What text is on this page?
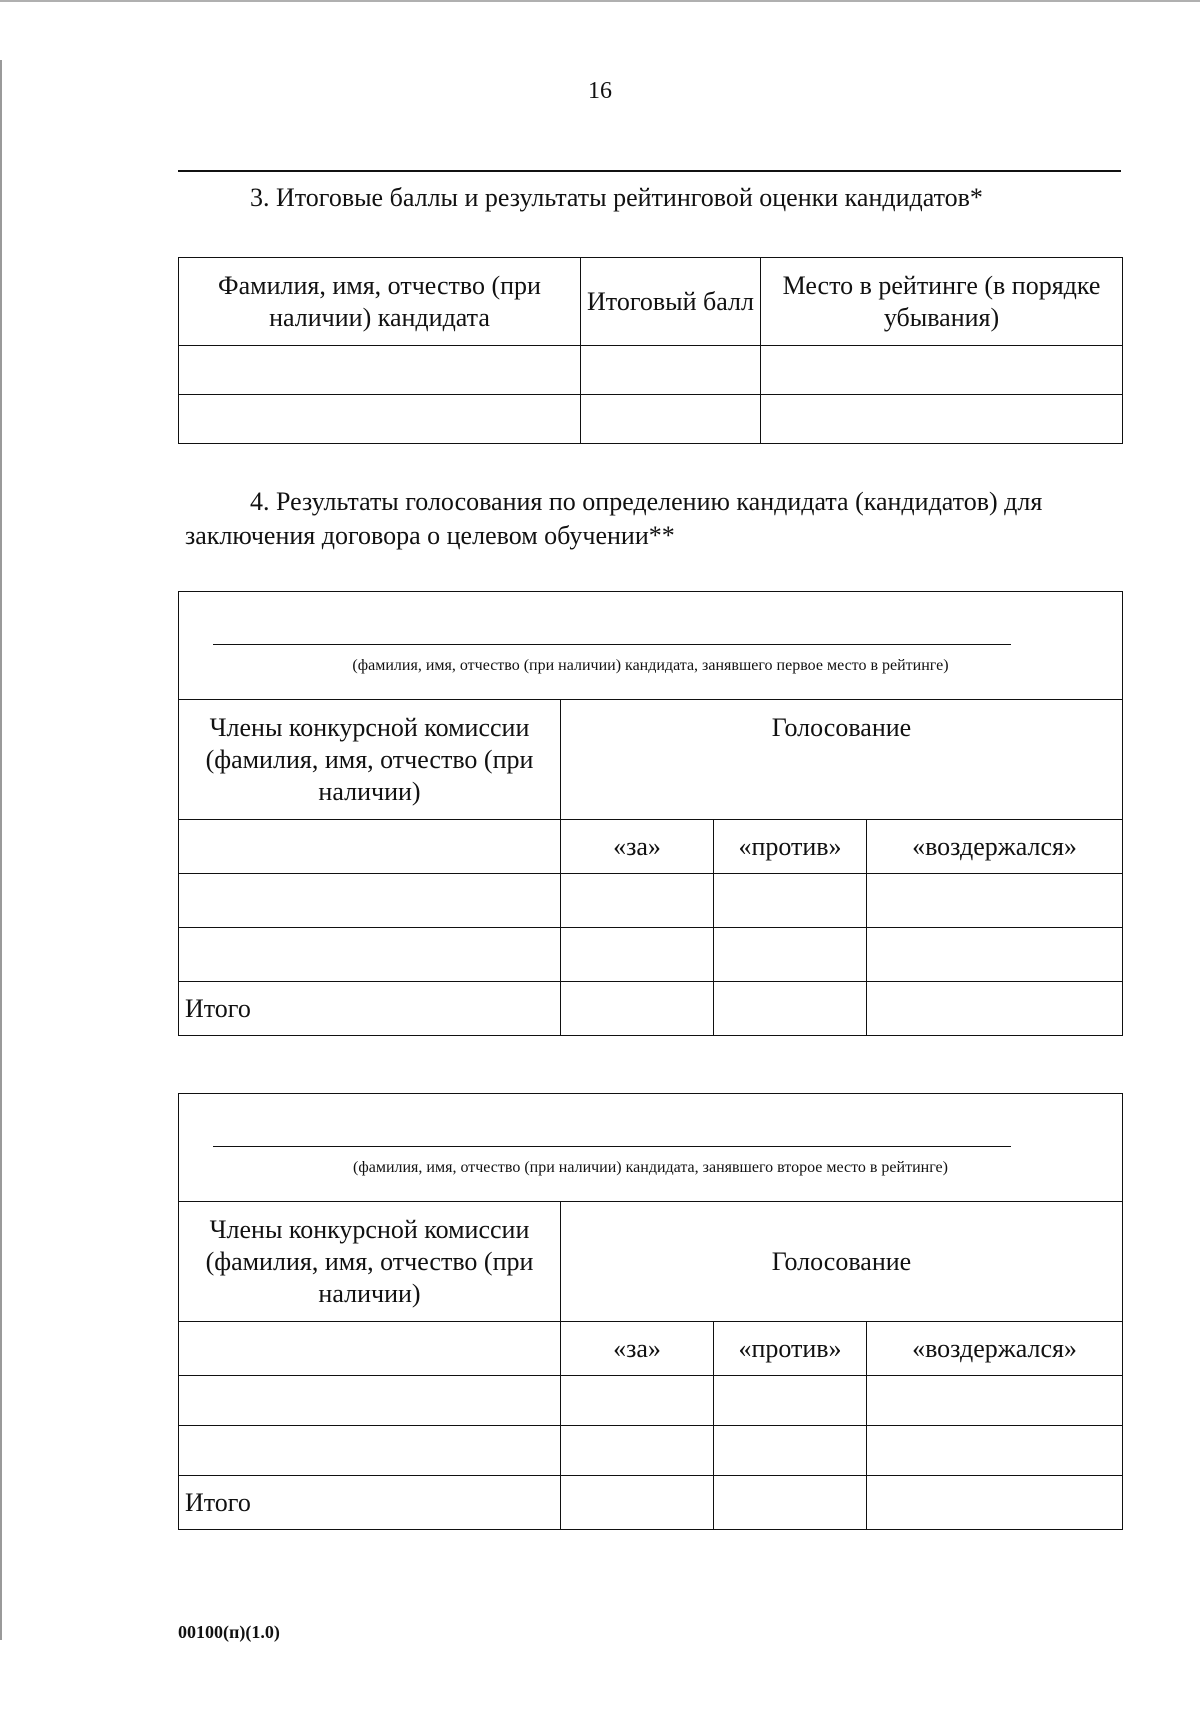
16
3. Итоговые баллы и результаты рейтинговой оценки кандидатов*
Фамилия, имя, отчество (при наличии) кандидата	Итоговый балл	Место в рейтинге (в порядке убывания)

4. Результаты голосования по определению кандидата (кандидатов) для заключения договора о целевом обучении**
(фамилия, имя, отчество (при наличии) кандидата, занявшего первое место в рейтинге)			

Члены конкурсной комиссии (фамилия, имя, отчество (при наличии)	Голосование		
	«за»	«против»	«воздержался»

Итого			
(фамилия, имя, отчество (при наличии) кандидата, занявшего второе место в рейтинге)			

Члены конкурсной комиссии (фамилия, имя, отчество (при наличии)	Голосование		
	«за»	«против»	«воздержался»

Итого			
00100(п)(1.0)
